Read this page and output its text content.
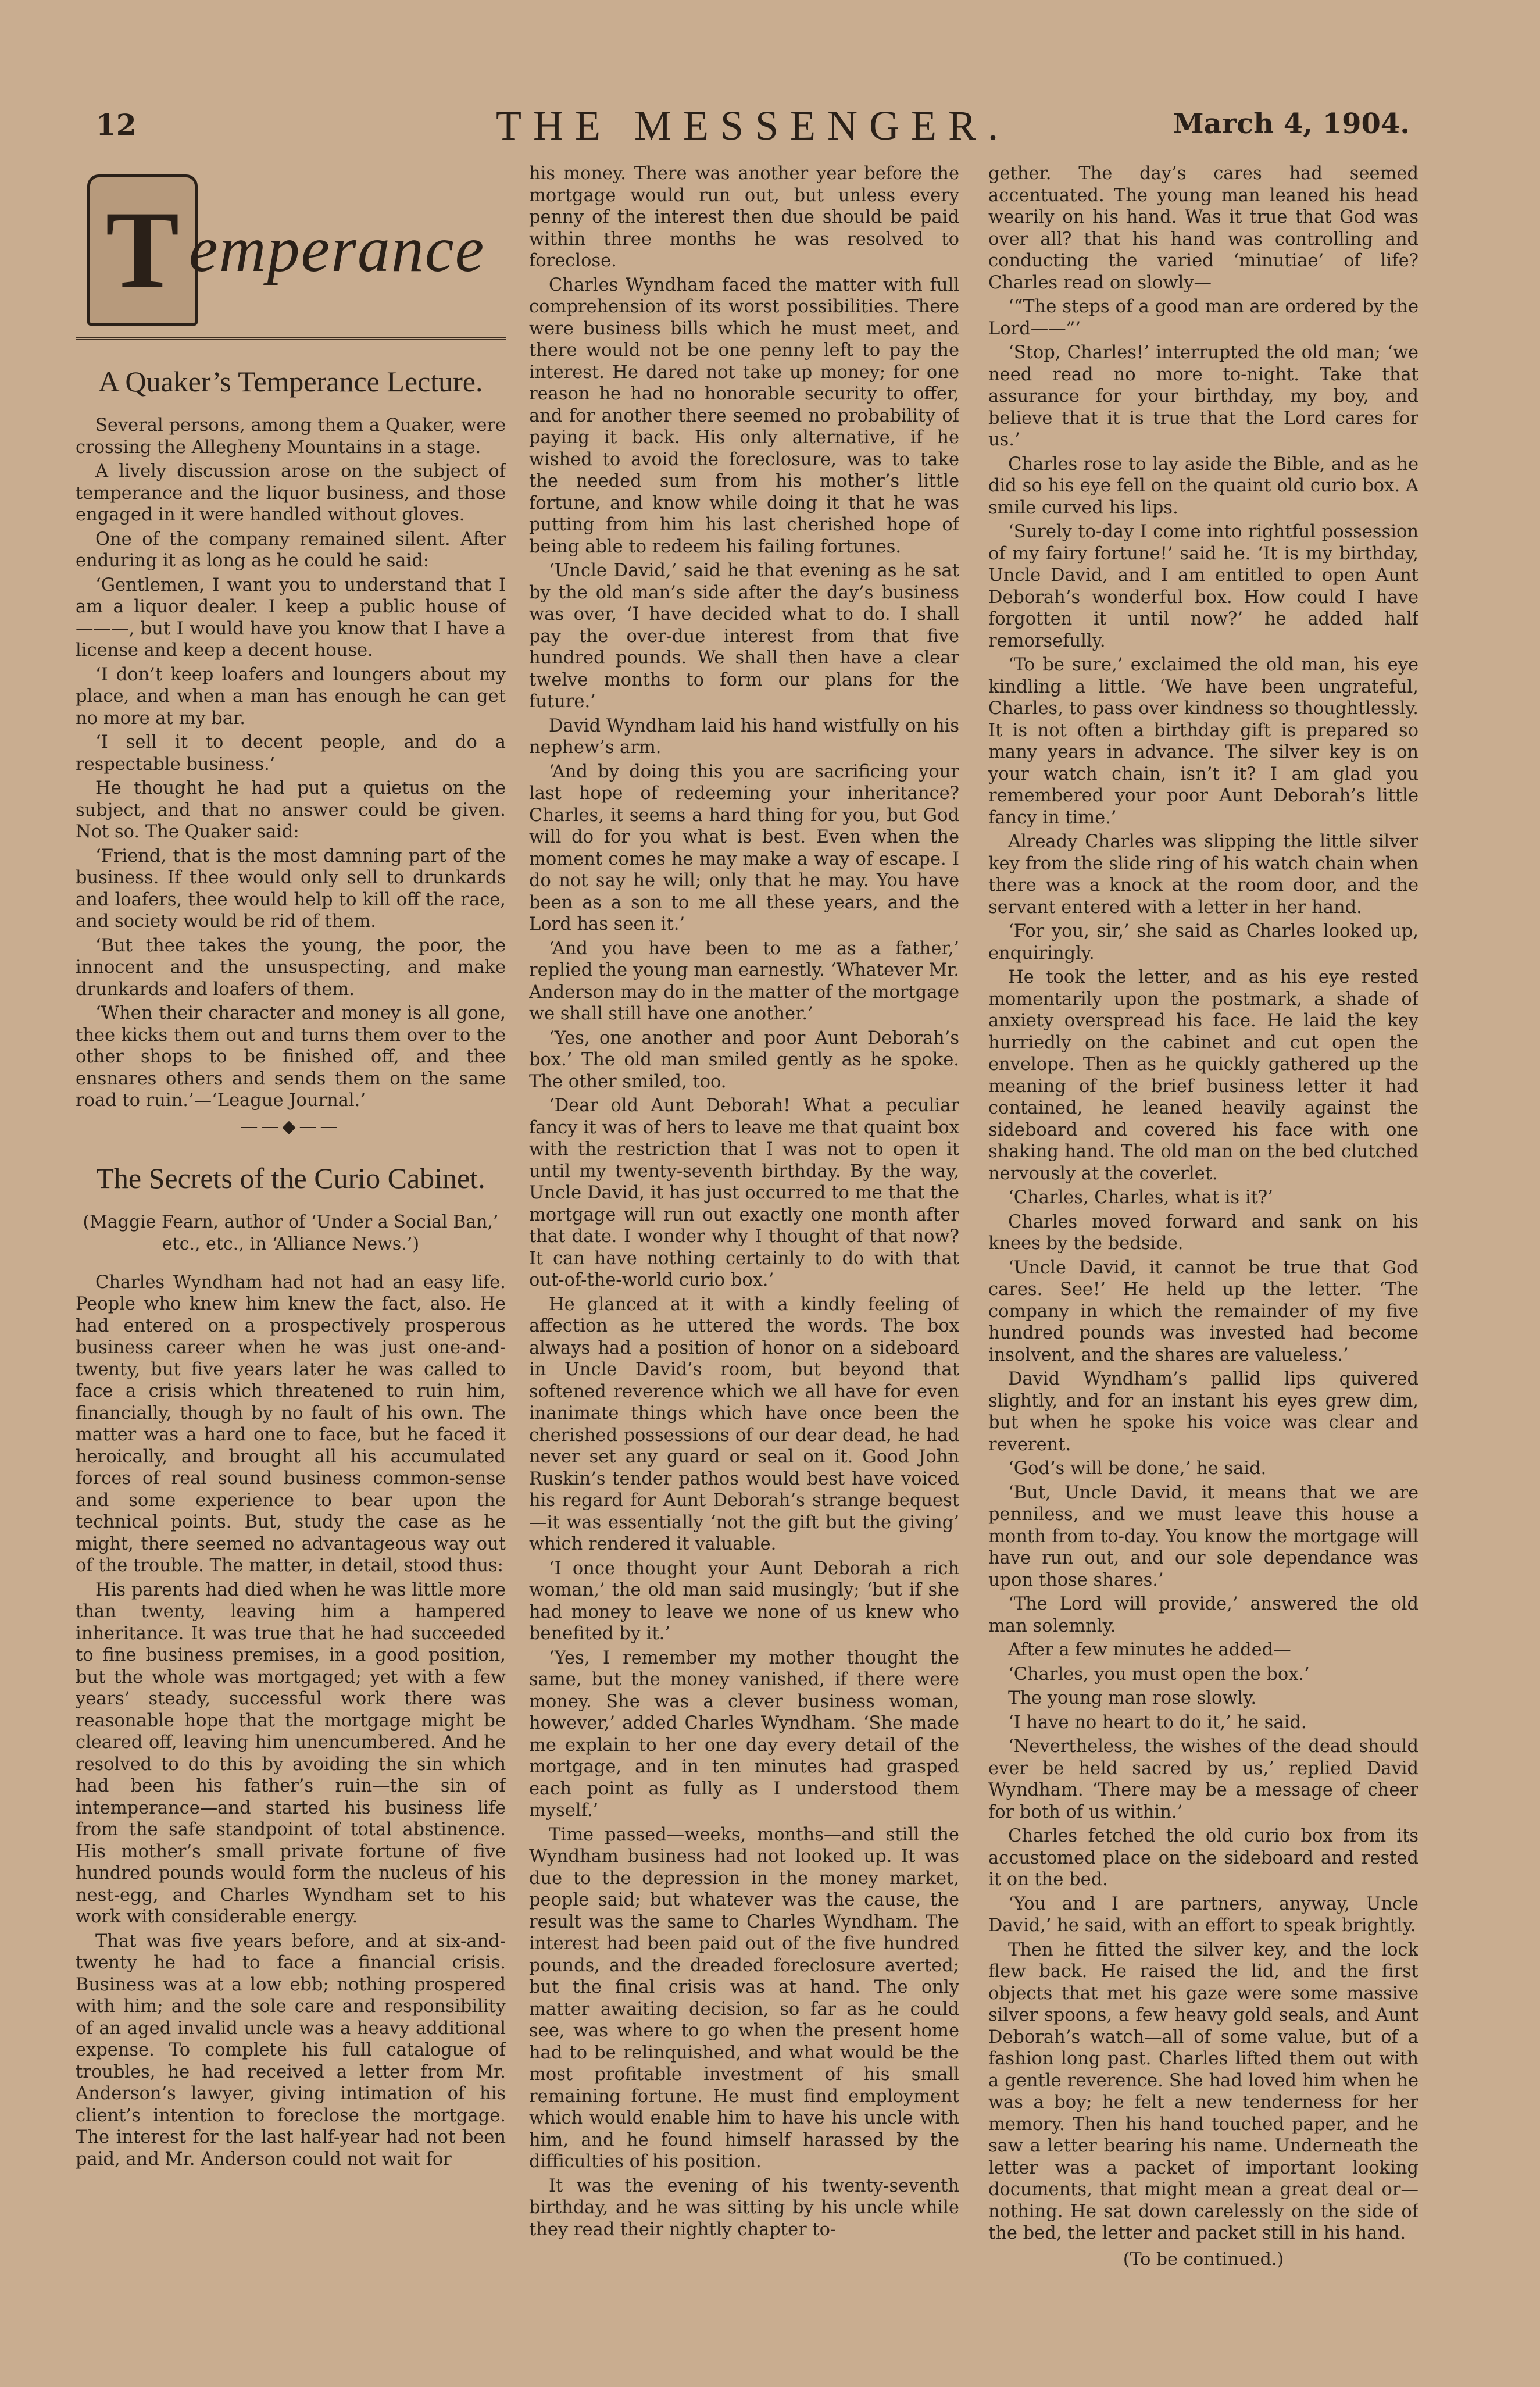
12	THE MESSENGER.	March 4, 1904.
T emperance
A Quaker’s Temperance Lecture.

Several persons, among them a Quaker, were crossing the Allegheny Mountains in a stage.

A lively discussion arose on the subject of temperance and the liquor business, and those engaged in it were handled without gloves.

One of the company remained silent. After enduring it as long as he could he said:

‘Gentlemen, I want you to understand that I am a liquor dealer. I keep a public house of ———, but I would have you know that I have a license and keep a decent house.

‘I don’t keep loafers and loungers about my place, and when a man has enough he can get no more at my bar.

‘I sell it to decent people, and do a respectable business.’

He thought he had put a quietus on the subject, and that no answer could be given. Not so. The Quaker said:

‘Friend, that is the most damning part of the business. If thee would only sell to drunkards and loafers, thee would help to kill off the race, and society would be rid of them.

‘But thee takes the young, the poor, the innocent and the unsuspecting, and make drunkards and loafers of them.

‘When their character and money is all gone, thee kicks them out and turns them over to the other shops to be finished off, and thee ensnares others and sends them on the same road to ruin.’—‘League Journal.’

——◆——
The Secrets of the Curio Cabinet.
(Maggie Fearn, author of ‘Under a Social Ban,’ etc., etc., in ‘Alliance News.’)

Charles Wyndham had not had an easy life. People who knew him knew the fact, also. He had entered on a prospectively prosperous business career when he was just one-and-twenty, but five years later he was called to face a crisis which threatened to ruin him, financially, though by no fault of his own. The matter was a hard one to face, but he faced it heroically, and brought all his accumulated forces of real sound business common-sense and some experience to bear upon the technical points. But, study the case as he might, there seemed no advantageous way out of the trouble. The matter, in detail, stood thus:

His parents had died when he was little more than twenty, leaving him a hampered inheritance. It was true that he had succeeded to fine business premises, in a good position, but the whole was mortgaged; yet with a few years’ steady, successful work there was reasonable hope that the mortgage might be cleared off, leaving him unencumbered. And he resolved to do this by avoiding the sin which had been his father’s ruin—the sin of intemperance—and started his business life from the safe standpoint of total abstinence. His mother’s small private fortune of five hundred pounds would form the nucleus of his nest-egg, and Charles Wyndham set to his work with considerable energy.

That was five years before, and at six-and-twenty he had to face a financial crisis. Business was at a low ebb; nothing prospered with him; and the sole care and responsibility of an aged invalid uncle was a heavy additional expense. To complete his full catalogue of troubles, he had received a letter from Mr. Anderson’s lawyer, giving intimation of his client’s intention to foreclose the mortgage. The interest for the last half-year had not been paid, and Mr. Anderson could not wait for

his money. There was another year before the mortgage would run out, but unless every penny of the interest then due should be paid within three months he was resolved to foreclose.

Charles Wyndham faced the matter with full comprehension of its worst possibilities. There were business bills which he must meet, and there would not be one penny left to pay the interest. He dared not take up money; for one reason he had no honorable security to offer, and for another there seemed no probability of paying it back. His only alternative, if he wished to avoid the foreclosure, was to take the needed sum from his mother’s little fortune, and know while doing it that he was putting from him his last cherished hope of being able to redeem his failing fortunes.

‘Uncle David,’ said he that evening as he sat by the old man’s side after the day’s business was over, ‘I have decided what to do. I shall pay the over-due interest from that five hundred pounds. We shall then have a clear twelve months to form our plans for the future.’

David Wyndham laid his hand wistfully on his nephew’s arm.

‘And by doing this you are sacrificing your last hope of redeeming your inheritance? Charles, it seems a hard thing for you, but God will do for you what is best. Even when the moment comes he may make a way of escape. I do not say he will; only that he may. You have been as a son to me all these years, and the Lord has seen it.’

‘And you have been to me as a father,’ replied the young man earnestly. ‘Whatever Mr. Anderson may do in the matter of the mortgage we shall still have one another.’

‘Yes, one another and poor Aunt Deborah’s box.’ The old man smiled gently as he spoke. The other smiled, too.

‘Dear old Aunt Deborah! What a peculiar fancy it was of hers to leave me that quaint box with the restriction that I was not to open it until my twenty-seventh birthday. By the way, Uncle David, it has just occurred to me that the mortgage will run out exactly one month after that date. I wonder why I thought of that now? It can have nothing certainly to do with that out-of-the-world curio box.’

He glanced at it with a kindly feeling of affection as he uttered the words. The box always had a position of honor on a sideboard in Uncle David’s room, but beyond that softened reverence which we all have for even inanimate things which have once been the cherished possessions of our dear dead, he had never set any guard or seal on it. Good John Ruskin’s tender pathos would best have voiced his regard for Aunt Deborah’s strange bequest—it was essentially ‘not the gift but the giving’ which rendered it valuable.

‘I once thought your Aunt Deborah a rich woman,’ the old man said musingly; ‘but if she had money to leave we none of us knew who benefited by it.’

‘Yes, I remember my mother thought the same, but the money vanished, if there were money. She was a clever business woman, however,’ added Charles Wyndham. ‘She made me explain to her one day every detail of the mortgage, and in ten minutes had grasped each point as fully as I understood them myself.’

Time passed—weeks, months—and still the Wyndham business had not looked up. It was due to the depression in the money market, people said; but whatever was the cause, the result was the same to Charles Wyndham. The interest had been paid out of the five hundred pounds, and the dreaded foreclosure averted; but the final crisis was at hand. The only matter awaiting decision, so far as he could see, was where to go when the present home had to be relinquished, and what would be the most profitable investment of his small remaining fortune. He must find employment which would enable him to have his uncle with him, and he found himself harassed by the difficulties of his position.

It was the evening of his twenty-seventh birthday, and he was sitting by his uncle while they read their nightly chapter to-

gether. The day’s cares had seemed accentuated. The young man leaned his head wearily on his hand. Was it true that God was over all? that his hand was controlling and conducting the varied ‘minutiae’ of life? Charles read on slowly—

‘“The steps of a good man are ordered by the Lord——”’

‘Stop, Charles!’ interrupted the old man; ‘we need read no more to-night. Take that assurance for your birthday, my boy, and believe that it is true that the Lord cares for us.’

Charles rose to lay aside the Bible, and as he did so his eye fell on the quaint old curio box. A smile curved his lips.

‘Surely to-day I come into rightful possession of my fairy fortune!’ said he. ‘It is my birthday, Uncle David, and I am entitled to open Aunt Deborah’s wonderful box. How could I have forgotten it until now?’ he added half remorsefully.

‘To be sure,’ exclaimed the old man, his eye kindling a little. ‘We have been ungrateful, Charles, to pass over kindness so thoughtlessly. It is not often a birthday gift is prepared so many years in advance. The silver key is on your watch chain, isn’t it? I am glad you remembered your poor Aunt Deborah’s little fancy in time.’

Already Charles was slipping the little silver key from the slide ring of his watch chain when there was a knock at the room door, and the servant entered with a letter in her hand.

‘For you, sir,’ she said as Charles looked up, enquiringly.

He took the letter, and as his eye rested momentarily upon the postmark, a shade of anxiety overspread his face. He laid the key hurriedly on the cabinet and cut open the envelope. Then as he quickly gathered up the meaning of the brief business letter it had contained, he leaned heavily against the sideboard and covered his face with one shaking hand. The old man on the bed clutched nervously at the coverlet.

‘Charles, Charles, what is it?’

Charles moved forward and sank on his knees by the bedside.

‘Uncle David, it cannot be true that God cares. See!’ He held up the letter. ‘The company in which the remainder of my five hundred pounds was invested had become insolvent, and the shares are valueless.’

David Wyndham’s pallid lips quivered slightly, and for an instant his eyes grew dim, but when he spoke his voice was clear and reverent.

‘God’s will be done,’ he said.

‘But, Uncle David, it means that we are penniless, and we must leave this house a month from to-day. You know the mortgage will have run out, and our sole dependance was upon those shares.’

‘The Lord will provide,’ answered the old man solemnly.

After a few minutes he added—

‘Charles, you must open the box.’

The young man rose slowly.

‘I have no heart to do it,’ he said.

‘Nevertheless, the wishes of the dead should ever be held sacred by us,’ replied David Wyndham. ‘There may be a message of cheer for both of us within.’

Charles fetched the old curio box from its accustomed place on the sideboard and rested it on the bed.

‘You and I are partners, anyway, Uncle David,’ he said, with an effort to speak brightly.

Then he fitted the silver key, and the lock flew back. He raised the lid, and the first objects that met his gaze were some massive silver spoons, a few heavy gold seals, and Aunt Deborah’s watch—all of some value, but of a fashion long past. Charles lifted them out with a gentle reverence. She had loved him when he was a boy; he felt a new tenderness for her memory. Then his hand touched paper, and he saw a letter bearing his name. Underneath the letter was a packet of important looking documents, that might mean a great deal or—nothing. He sat down carelessly on the side of the bed, the letter and packet still in his hand.

(To be continued.)
